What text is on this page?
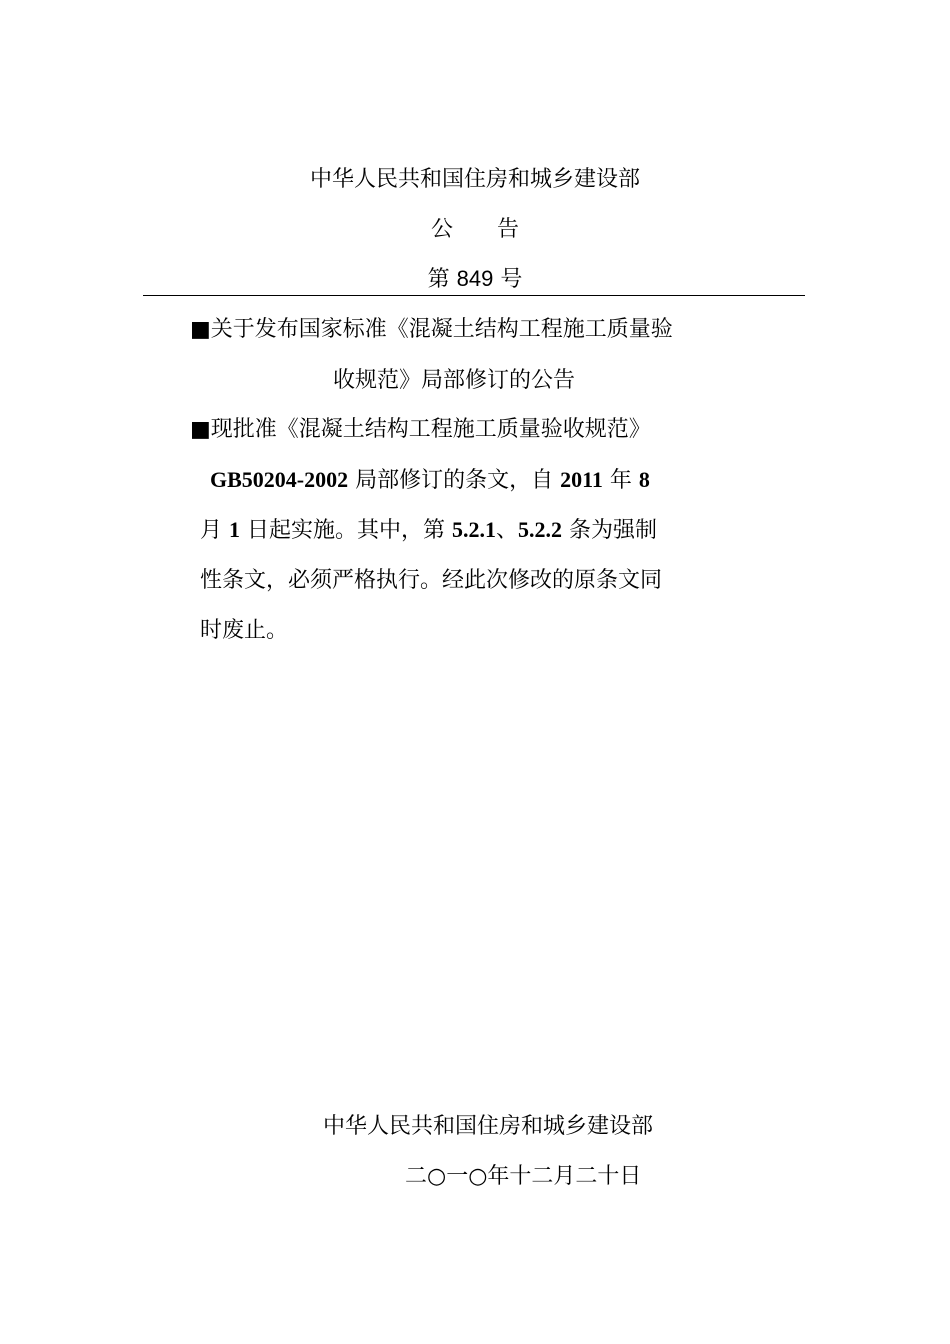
中华人民共和国住房和城乡建设部
公　　告
第 849 号
■关于发布国家标准《混凝土结构工程施工质量验
收规范》局部修订的公告
■现批准《混凝土结构工程施工质量验收规范》
GB50204-2002 局部修订的条文，自 2011 年 8
月 1 日起实施。其中，第 5.2.1、5.2.2 条为强制
性条文，必须严格执行。经此次修改的原条文同
时废止。
中华人民共和国住房和城乡建设部
二○一○年十二月二十日
